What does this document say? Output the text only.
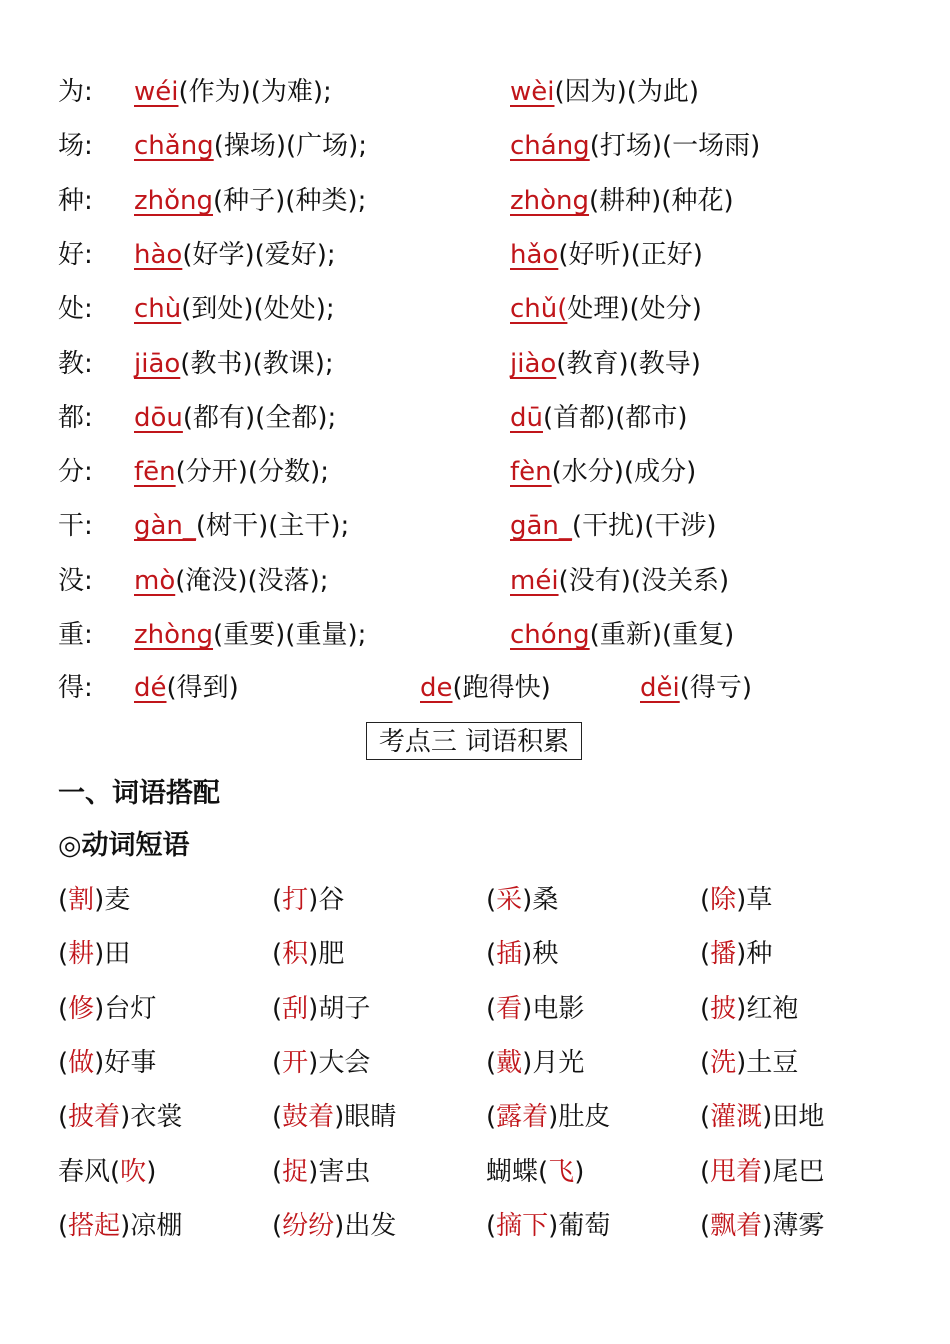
为: wéi(作为)(为难);	wèi(因为)(为此)
场: chǎng(操场)(广场);	cháng(打场)(一场雨)
种: zhǒng(种子)(种类);	zhòng(耕种)(种花)
好: hào(好学)(爱好);	hǎo(好听)(正好)
处: chù(到处)(处处);	chǔ(处理)(处分)
教: jiāo(教书)(教课);	jiào(教育)(教导)
都: dōu(都有)(全都);	dū(首都)(都市)
分: fēn(分开)(分数);	fèn(水分)(成分)
干: gàn_(树干)(主干);	gān_(干扰)(干涉)
没: mò(淹没)(没落);	méi(没有)(没关系)
重: zhòng(重要)(重量);	chóng(重新)(重复)
得: dé(得到)	de(跑得快)	děi(得亏)
考点三 词语积累
一、词语搭配
◎动词短语
(割)麦	(打)谷	(采)桑	(除)草
(耕)田	(积)肥	(插)秧	(播)种
(修)台灯	(刮)胡子	(看)电影	(披)红袍
(做)好事	(开)大会	(戴)月光	(洗)土豆
(披着)衣裳	(鼓着)眼睛	(露着)肚皮	(灌溉)田地
春风(吹)	(捉)害虫	蝴蝶(飞)	(甩着)尾巴
(搭起)凉棚	(纷纷)出发	(摘下)葡萄	(飘着)薄雾
